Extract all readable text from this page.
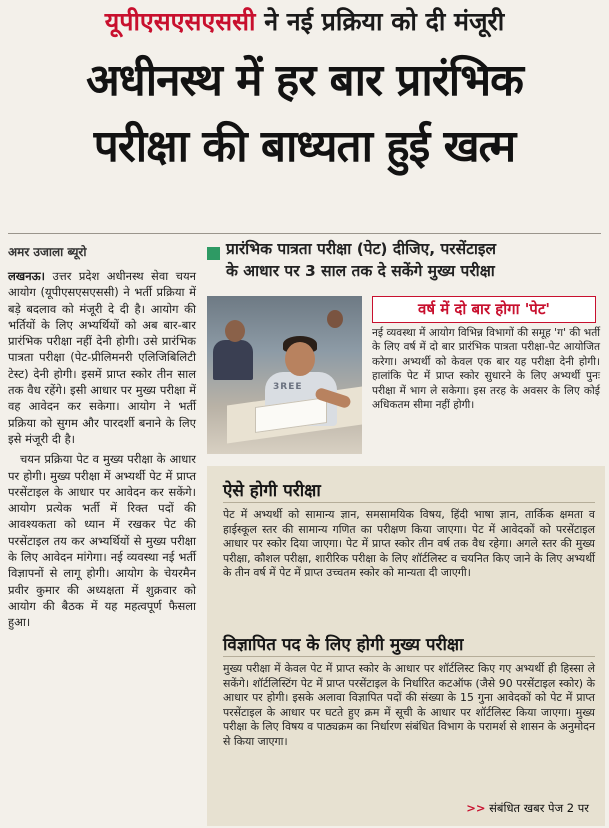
यूपीएसएसएससी ने नई प्रक्रिया को दी मंजूरी
अधीनस्थ में हर बार प्रारंभिक
परीक्षा की बाध्यता हुई खत्म
अमर उजाला ब्यूरो

लखनऊ। उत्तर प्रदेश अधीनस्थ सेवा चयन आयोग (यूपीएसएसएससी) ने भर्ती प्रक्रिया में बड़े बदलाव को मंजूरी दे दी है। आयोग की भर्तियों के लिए अभ्यर्थियों को अब बार-बार प्रारंभिक परीक्षा नहीं देनी होगी। उसे प्रारंभिक पात्रता परीक्षा (पेट-प्रीलिमनरी एलिजिबिलिटी टेस्ट) देनी होगी। इसमें प्राप्त स्कोर तीन साल तक वैध रहेंगे। इसी आधार पर मुख्य परीक्षा में वह आवेदन कर सकेगा। आयोग ने भर्ती प्रक्रिया को सुगम और पारदर्शी बनाने के लिए इसे मंजूरी दी है।

चयन प्रक्रिया पेट व मुख्य परीक्षा के आधार पर होगी। मुख्य परीक्षा में अभ्यर्थी पेट में प्राप्त परसेंटाइल के आधार पर आवेदन कर सकेंगे। आयोग प्रत्येक भर्ती में रिक्त पदों की आवश्यकता को ध्यान में रखकर पेट की परसेंटाइल तय कर अभ्यर्थियों से मुख्य परीक्षा के लिए आवेदन मांगेगा। नई व्यवस्था नई भर्ती विज्ञापनों से लागू होगी। आयोग के चेयरमैन प्रवीर कुमार की अध्यक्षता में शुक्रवार को आयोग की बैठक में यह महत्वपूर्ण फैसला हुआ।

प्रारंभिक पात्रता परीक्षा (पेट) दीजिए, परसेंटाइल
के आधार पर 3 साल तक दे सकेंगे मुख्य परीक्षा
3REE
वर्ष में दो बार होगा 'पेट'
नई व्यवस्था में आयोग विभिन्न विभागों की समूह 'ग' की भर्ती के लिए वर्ष में दो बार प्रारंभिक पात्रता परीक्षा-पेट आयोजित करेगा। अभ्यर्थी को केवल एक बार यह परीक्षा देनी होगी। हालांकि पेट में प्राप्त स्कोर सुधारने के लिए अभ्यर्थी पुनः परीक्षा में भाग ले सकेगा। इस तरह के अवसर के लिए कोई अधिकतम सीमा नहीं होगी।
ऐसे होगी परीक्षा
पेट में अभ्यर्थी को सामान्य ज्ञान, समसामयिक विषय, हिंदी भाषा ज्ञान, तार्किक क्षमता व हाईस्कूल स्तर की सामान्य गणित का परीक्षण किया जाएगा। पेट में आवेदकों को परसेंटाइल आधार पर स्कोर दिया जाएगा। पेट में प्राप्त स्कोर तीन वर्ष तक वैध रहेगा। अगले स्तर की मुख्य परीक्षा, कौशल परीक्षा, शारीरिक परीक्षा के लिए शॉर्टलिस्ट व चयनित किए जाने के लिए अभ्यर्थी के तीन वर्ष में पेट में प्राप्त उच्चतम स्कोर को मान्यता दी जाएगी।
विज्ञापित पद के लिए होगी मुख्य परीक्षा
मुख्य परीक्षा में केवल पेट में प्राप्त स्कोर के आधार पर शॉर्टलिस्ट किए गए अभ्यर्थी ही हिस्सा ले सकेंगे। शॉर्टलिस्टिंग पेट में प्राप्त परसेंटाइल के निर्धारित कटऑफ (जैसे 90 परसेंटाइल स्कोर) के आधार पर होगी। इसके अलावा विज्ञापित पदों की संख्या के 15 गुना आवेदकों को पेट में प्राप्त परसेंटाइल के आधार पर घटते हुए क्रम में सूची के आधार पर शॉर्टलिस्ट किया जाएगा। मुख्य परीक्षा के लिए विषय व पाठ्यक्रम का निर्धारण संबंधित विभाग के परामर्श से शासन के अनुमोदन से किया जाएगा।
>> संबंधित खबर पेज 2 पर
